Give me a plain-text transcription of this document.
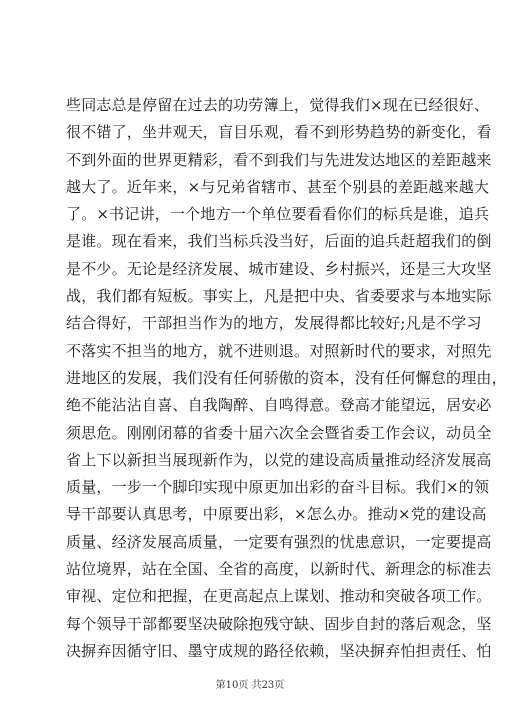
些同志总是停留在过去的功劳簿上，觉得我们×现在已经很好、
很不错了，坐井观天，盲目乐观，看不到形势趋势的新变化，看
不到外面的世界更精彩，看不到我们与先进发达地区的差距越来
越大了。近年来，×与兄弟省辖市、甚至个别县的差距越来越大
了。×书记讲，一个地方一个单位要看看你们的标兵是谁，追兵
是谁。现在看来，我们当标兵没当好，后面的追兵赶超我们的倒
是不少。无论是经济发展、城市建设、乡村振兴，还是三大攻坚
战，我们都有短板。事实上，凡是把中央、省委要求与本地实际
结合得好，干部担当作为的地方，发展得都比较好;凡是不学习
不落实不担当的地方，就不进则退。对照新时代的要求，对照先
进地区的发展，我们没有任何骄傲的资本，没有任何懈怠的理由，
绝不能沾沾自喜、自我陶醉、自鸣得意。登高才能望远，居安必
须思危。刚刚闭幕的省委十届六次全会暨省委工作会议，动员全
省上下以新担当展现新作为，以党的建设高质量推动经济发展高
质量，一步一个脚印实现中原更加出彩的奋斗目标。我们×的领
导干部要认真思考，中原要出彩，×怎么办。推动×党的建设高
质量、经济发展高质量，一定要有强烈的忧患意识，一定要提高
站位境界，站在全国、全省的高度，以新时代、新理念的标准去
审视、定位和把握，在更高起点上谋划、推动和突破各项工作。
每个领导干部都要坚决破除抱残守缺、固步自封的落后观念，坚
决摒弃因循守旧、墨守成规的路径依赖，坚决摒弃怕担责任、怕
第10页 共23页
